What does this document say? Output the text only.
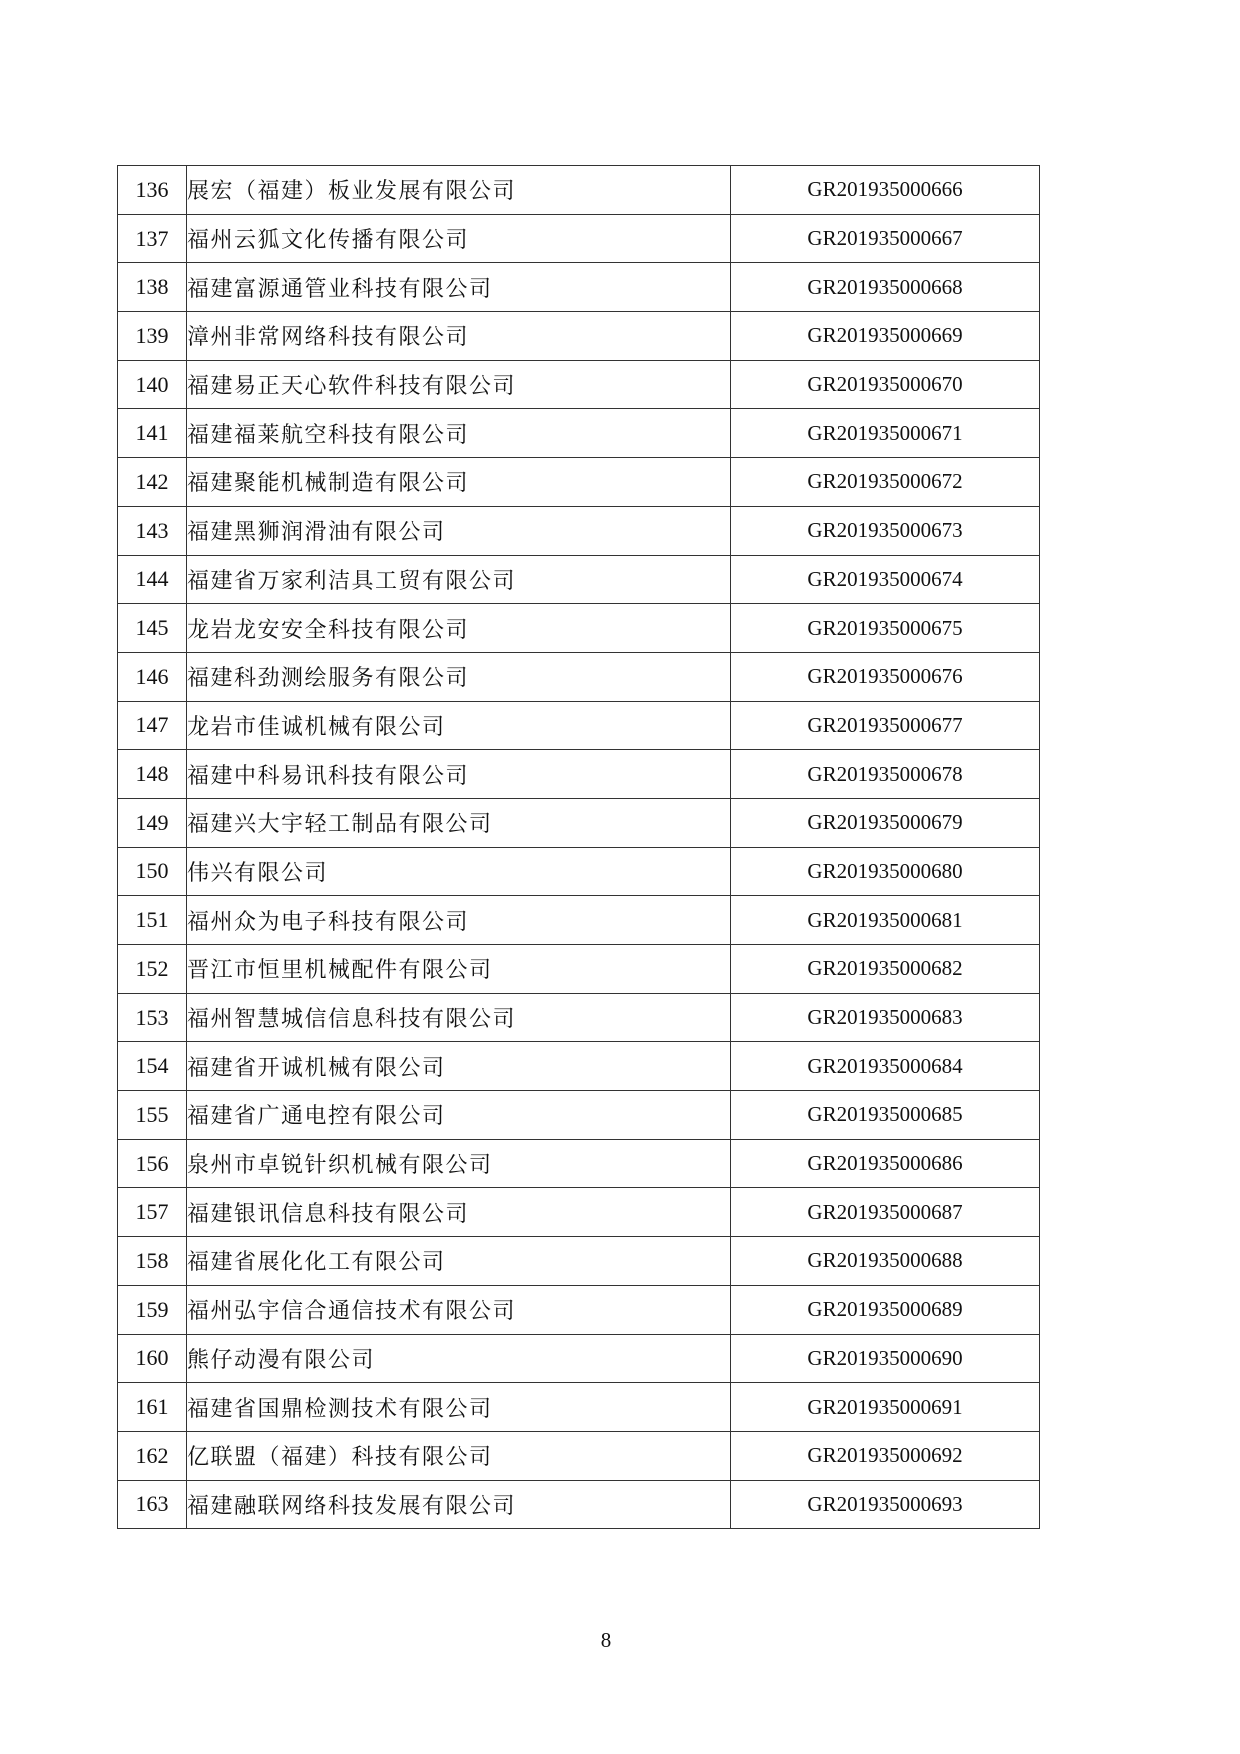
136	展宏（福建）板业发展有限公司	GR201935000666
137	福州云狐文化传播有限公司	GR201935000667
138	福建富源通管业科技有限公司	GR201935000668
139	漳州非常网络科技有限公司	GR201935000669
140	福建易正天心软件科技有限公司	GR201935000670
141	福建福莱航空科技有限公司	GR201935000671
142	福建聚能机械制造有限公司	GR201935000672
143	福建黑狮润滑油有限公司	GR201935000673
144	福建省万家利洁具工贸有限公司	GR201935000674
145	龙岩龙安安全科技有限公司	GR201935000675
146	福建科劲测绘服务有限公司	GR201935000676
147	龙岩市佳诚机械有限公司	GR201935000677
148	福建中科易讯科技有限公司	GR201935000678
149	福建兴大宇轻工制品有限公司	GR201935000679
150	伟兴有限公司	GR201935000680
151	福州众为电子科技有限公司	GR201935000681
152	晋江市恒里机械配件有限公司	GR201935000682
153	福州智慧城信信息科技有限公司	GR201935000683
154	福建省开诚机械有限公司	GR201935000684
155	福建省广通电控有限公司	GR201935000685
156	泉州市卓锐针织机械有限公司	GR201935000686
157	福建银讯信息科技有限公司	GR201935000687
158	福建省展化化工有限公司	GR201935000688
159	福州弘宇信合通信技术有限公司	GR201935000689
160	熊仔动漫有限公司	GR201935000690
161	福建省国鼎检测技术有限公司	GR201935000691
162	亿联盟（福建）科技有限公司	GR201935000692
163	福建融联网络科技发展有限公司	GR201935000693
8
